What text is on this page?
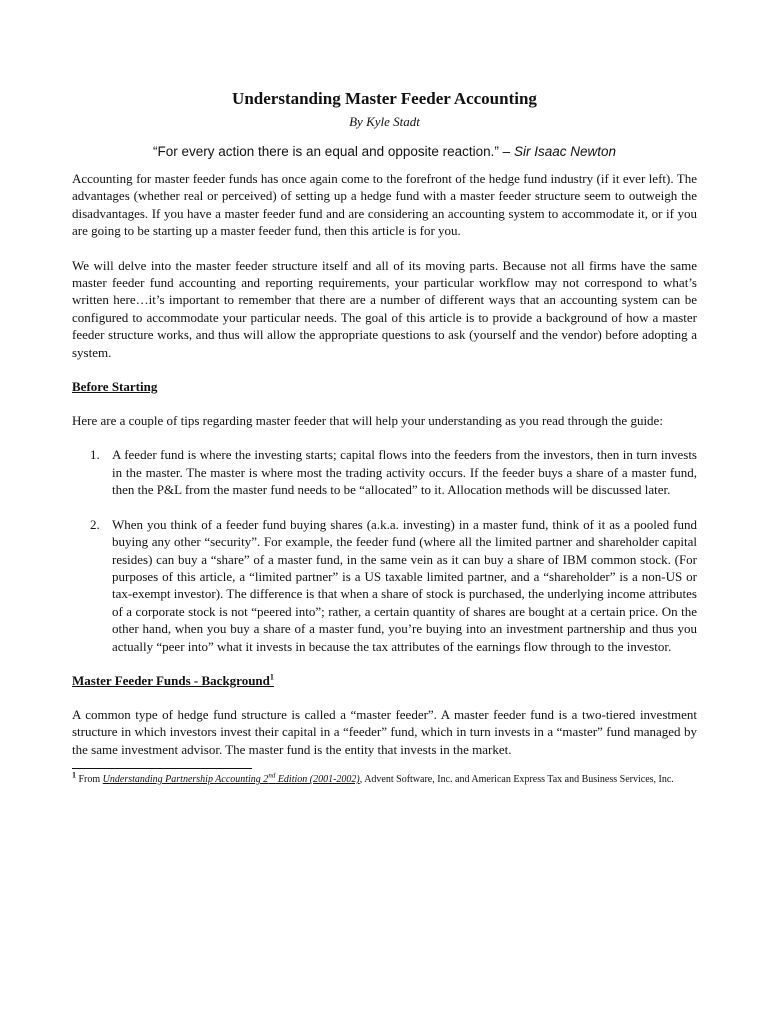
Understanding Master Feeder Accounting

By Kyle Stadt

“For every action there is an equal and opposite reaction.” – Sir Isaac Newton

Accounting for master feeder funds has once again come to the forefront of the hedge fund industry (if it ever left). The advantages (whether real or perceived) of setting up a hedge fund with a master feeder structure seem to outweigh the disadvantages. If you have a master feeder fund and are considering an accounting system to accommodate it, or if you are going to be starting up a master feeder fund, then this article is for you.

We will delve into the master feeder structure itself and all of its moving parts. Because not all firms have the same master feeder fund accounting and reporting requirements, your particular workflow may not correspond to what’s written here…it’s important to remember that there are a number of different ways that an accounting system can be configured to accommodate your particular needs. The goal of this article is to provide a background of how a master feeder structure works, and thus will allow the appropriate questions to ask (yourself and the vendor) before adopting a system.

Before Starting

Here are a couple of tips regarding master feeder that will help your understanding as you read through the guide:

1. A feeder fund is where the investing starts; capital flows into the feeders from the investors, then in turn invests in the master. The master is where most the trading activity occurs. If the feeder buys a share of a master fund, then the P&L from the master fund needs to be “allocated” to it. Allocation methods will be discussed later.
2. When you think of a feeder fund buying shares (a.k.a. investing) in a master fund, think of it as a pooled fund buying any other “security”. For example, the feeder fund (where all the limited partner and shareholder capital resides) can buy a “share” of a master fund, in the same vein as it can buy a share of IBM common stock. (For purposes of this article, a “limited partner” is a US taxable limited partner, and a “shareholder” is a non-US or tax-exempt investor). The difference is that when a share of stock is purchased, the underlying income attributes of a corporate stock is not “peered into”; rather, a certain quantity of shares are bought at a certain price. On the other hand, when you buy a share of a master fund, you’re buying into an investment partnership and thus you actually “peer into” what it invests in because the tax attributes of the earnings flow through to the investor.
Master Feeder Funds - Background$^1$

A common type of hedge fund structure is called a “master feeder”. A master feeder fund is a two-tiered investment structure in which investors invest their capital in a “feeder” fund, which in turn invests in a “master” fund managed by the same investment advisor. The master fund is the entity that invests in the market.

$^1$ From Understanding Partnership Accounting 2nd Edition (2001-2002), Advent Software, Inc. and American Express Tax and Business Services, Inc.
